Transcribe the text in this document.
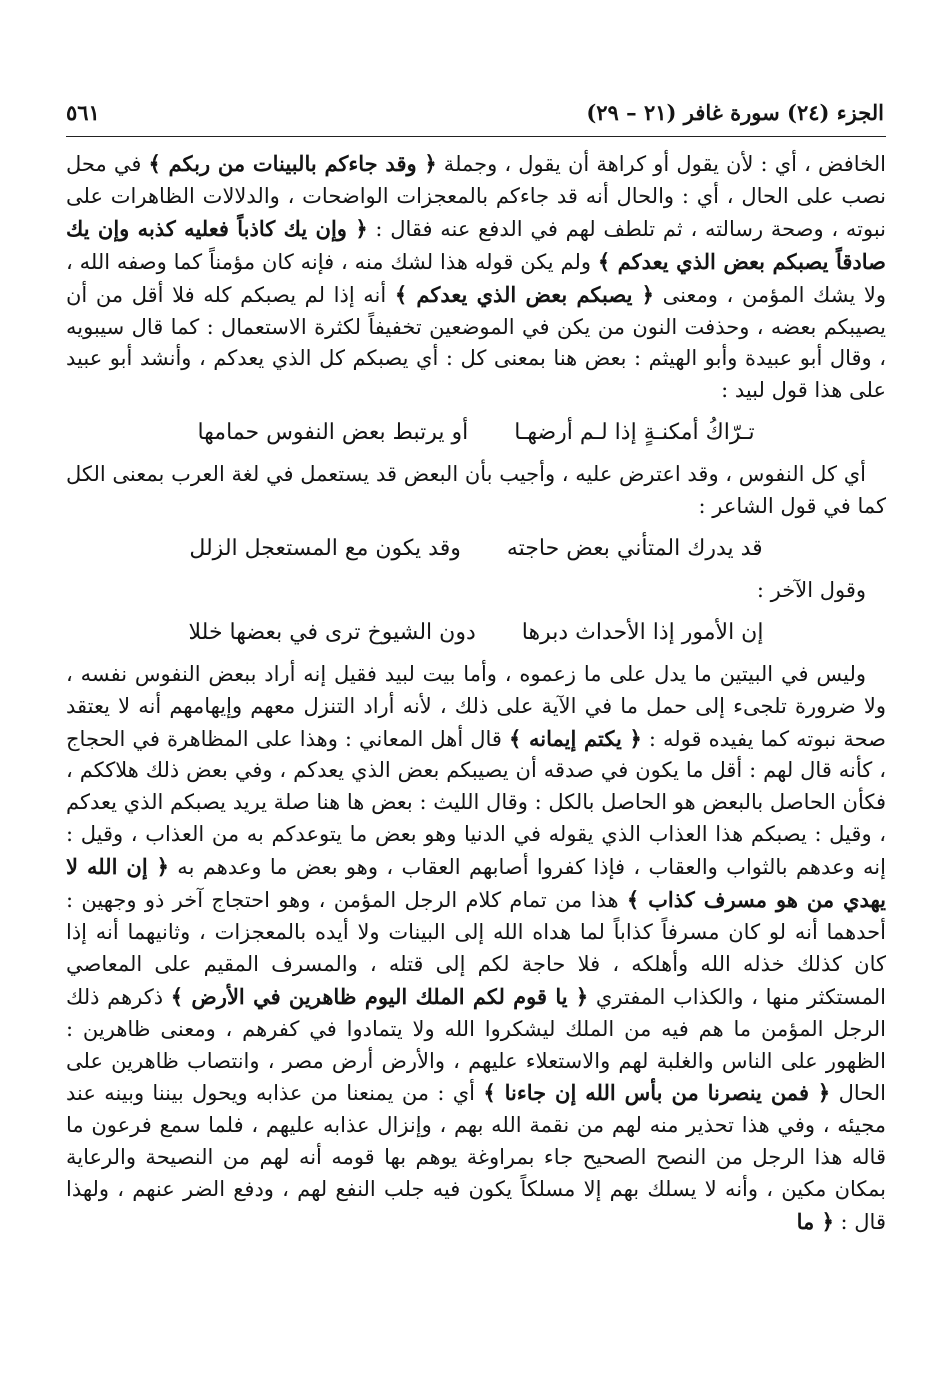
الجزء (٢٤) سورة غافر (٢١ – ٢٩)
٥٦١

الخافض ، أي : لأن يقول أو كراهة أن يقول ، وجملة ﴿ وقد جاءكم بالبينات من ربكم ﴾ في محل نصب على الحال ، أي : والحال أنه قد جاءكم بالمعجزات الواضحات ، والدلالات الظاهرات على نبوته ، وصحة رسالته ، ثم تلطف لهم في الدفع عنه فقال : ﴿ وإن يك كاذباً فعليه كذبه وإن يك صادقاً يصبكم بعض الذي يعدكم ﴾ ولم يكن قوله هذا لشك منه ، فإنه كان مؤمناً كما وصفه الله ، ولا يشك المؤمن ، ومعنى ﴿ يصبكم بعض الذي يعدكم ﴾ أنه إذا لم يصبكم كله فلا أقل من أن يصيبكم بعضه ، وحذفت النون من يكن في الموضعين تخفيفاً لكثرة الاستعمال : كما قال سيبويه ، وقال أبو عبيدة وأبو الهيثم : بعض هنا بمعنى كل : أي يصبكم كل الذي يعدكم ، وأنشد أبو عبيد على هذا قول لبيد :

تـرّاكُ أمكنـةٍ إذا لـم أرضهـا
أو يرتبط بعض النفوس حمامها

أي كل النفوس ، وقد اعترض عليه ، وأجيب بأن البعض قد يستعمل في لغة العرب بمعنى الكل كما في قول الشاعر :

قد يدرك المتأني بعض حاجته
وقد يكون مع المستعجل الزلل

وقول الآخر :

إن الأمور إذا الأحداث دبرها
دون الشيوخ ترى في بعضها خللا

وليس في البيتين ما يدل على ما زعموه ، وأما بيت لبيد فقيل إنه أراد ببعض النفوس نفسه ، ولا ضرورة تلجىء إلى حمل ما في الآية على ذلك ، لأنه أراد التنزل معهم وإيهامهم أنه لا يعتقد صحة نبوته كما يفيده قوله : ﴿ يكتم إيمانه ﴾ قال أهل المعاني : وهذا على المظاهرة في الحجاج ، كأنه قال لهم : أقل ما يكون في صدقه أن يصيبكم بعض الذي يعدكم ، وفي بعض ذلك هلاككم ، فكأن الحاصل بالبعض هو الحاصل بالكل : وقال الليث : بعض ها هنا صلة يريد يصبكم الذي يعدكم ، وقيل : يصبكم هذا العذاب الذي يقوله في الدنيا وهو بعض ما يتوعدكم به من العذاب ، وقيل : إنه وعدهم بالثواب والعقاب ، فإذا كفروا أصابهم العقاب ، وهو بعض ما وعدهم به ﴿ إن الله لا يهدي من هو مسرف كذاب ﴾ هذا من تمام كلام الرجل المؤمن ، وهو احتجاج آخر ذو وجهين : أحدهما أنه لو كان مسرفاً كذاباً لما هداه الله إلى البينات ولا أيده بالمعجزات ، وثانيهما أنه إذا كان كذلك خذله الله وأهلكه ، فلا حاجة لكم إلى قتله ، والمسرف المقيم على المعاصي المستكثر منها ، والكذاب المفتري ﴿ يا قوم لكم الملك اليوم ظاهرين في الأرض ﴾ ذكرهم ذلك الرجل المؤمن ما هم فيه من الملك ليشكروا الله ولا يتمادوا في كفرهم ، ومعنى ظاهرين : الظهور على الناس والغلبة لهم والاستعلاء عليهم ، والأرض أرض مصر ، وانتصاب ظاهرين على الحال ﴿ فمن ينصرنا من بأس الله إن جاءنا ﴾ أي : من يمنعنا من عذابه ويحول بيننا وبينه عند مجيئه ، وفي هذا تحذير منه لهم من نقمة الله بهم ، وإنزال عذابه عليهم ، فلما سمع فرعون ما قاله هذا الرجل من النصح الصحيح جاء بمراوغة يوهم بها قومه أنه لهم من النصيحة والرعاية بمكان مكين ، وأنه لا يسلك بهم إلا مسلكاً يكون فيه جلب النفع لهم ، ودفع الضر عنهم ، ولهذا قال : ﴿ ما
